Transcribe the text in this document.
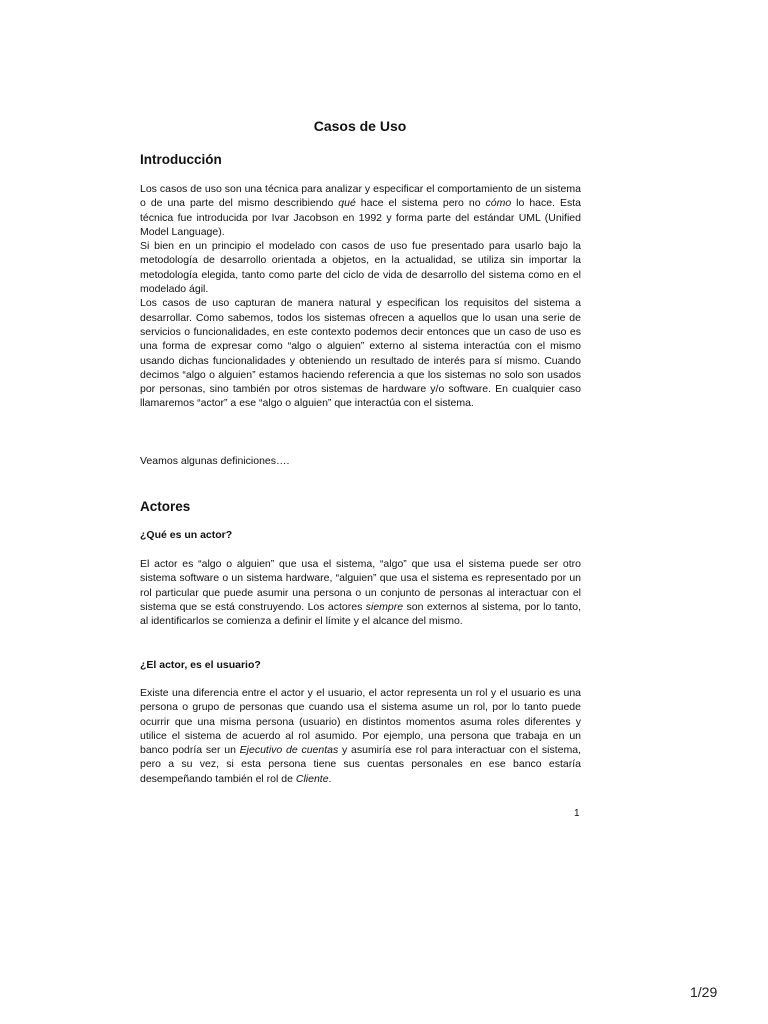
Casos de Uso
Introducción

Los casos de uso son una técnica para analizar y especificar el comportamiento de un sistema o de una parte del mismo describiendo qué hace el sistema pero no cómo lo hace. Esta técnica fue introducida por Ivar Jacobson en 1992 y forma parte del estándar UML (Unified Model Language).

Si bien en un principio el modelado con casos de uso fue presentado para usarlo bajo la metodología de desarrollo orientada a objetos, en la actualidad, se utiliza sin importar la metodología elegida, tanto como parte del ciclo de vida de desarrollo del sistema como en el modelado ágil.

Los casos de uso capturan de manera natural y especifican los requisitos del sistema a desarrollar. Como sabemos, todos los sistemas ofrecen a aquellos que lo usan una serie de servicios o funcionalidades, en este contexto podemos decir entonces que un caso de uso es una forma de expresar como “algo o alguien” externo al sistema interactúa con el mismo usando dichas funcionalidades y obteniendo un resultado de interés para sí mismo. Cuando decimos “algo o alguien” estamos haciendo referencia a que los sistemas no solo son usados por personas, sino también por otros sistemas de hardware y/o software. En cualquier caso llamaremos “actor” a ese “algo o alguien” que interactúa con el sistema.

Veamos algunas definiciones….
Actores
¿Qué es un actor?
El actor es “algo o alguien” que usa el sistema, “algo” que usa el sistema puede ser otro sistema software o un sistema hardware, “alguien” que usa el sistema es representado por un rol particular que puede asumir una persona o un conjunto de personas al interactuar con el sistema que se está construyendo. Los actores siempre son externos al sistema, por lo tanto, al identificarlos se comienza a definir el límite y el alcance del mismo.
¿El actor, es el usuario?
Existe una diferencia entre el actor y el usuario, el actor representa un rol y el usuario es una persona o grupo de personas que cuando usa el sistema asume un rol, por lo tanto puede ocurrir que una misma persona (usuario) en distintos momentos asuma roles diferentes y utilice el sistema de acuerdo al rol asumido. Por ejemplo, una persona que trabaja en un banco podría ser un Ejecutivo de cuentas y asumiría ese rol para interactuar con el sistema, pero a su vez, si esta persona tiene sus cuentas personales en ese banco estaría desempeñando también el rol de Cliente.
1
1/29
